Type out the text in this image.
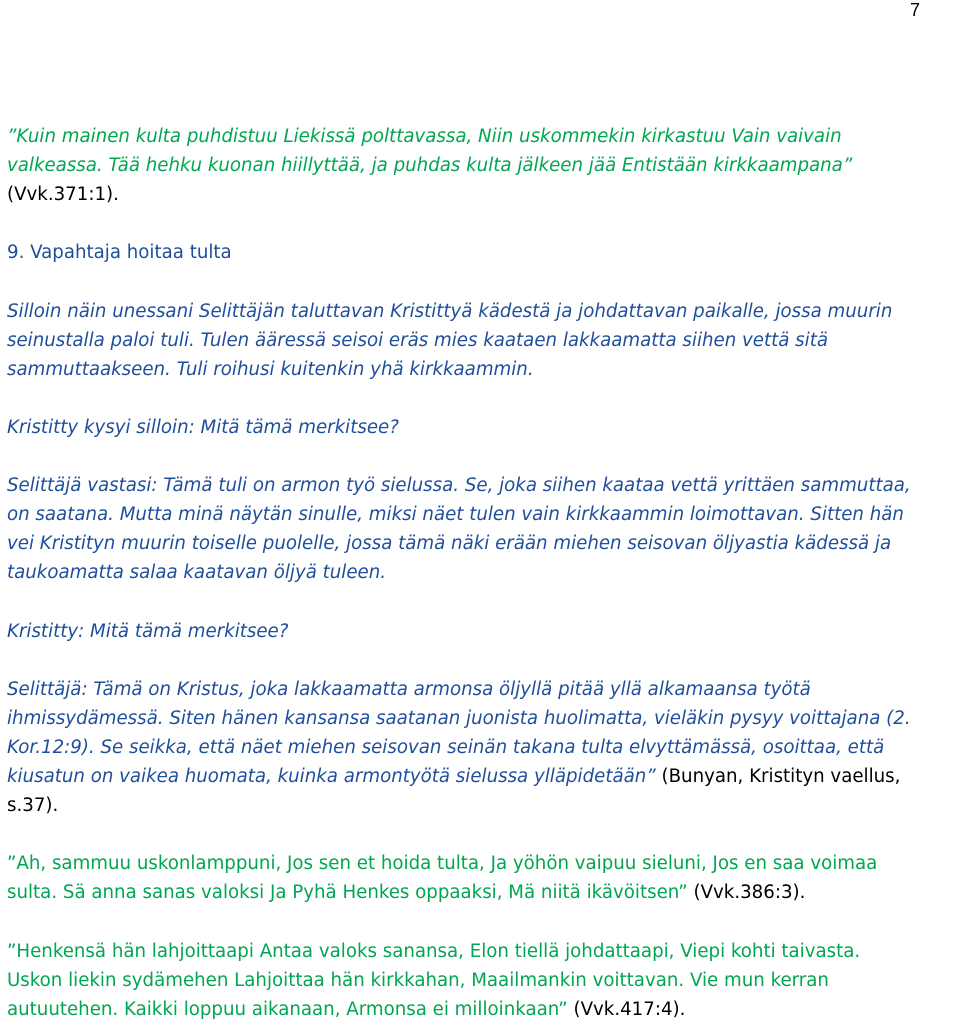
7

”Kuin mainen kulta puhdistuu Liekissä polttavassa, Niin uskommekin kirkastuu Vain vaivain

valkeassa. Tää hehku kuonan hiillyttää, ja puhdas kulta jälkeen jää Entistään kirkkaampana”

(Vvk.371:1).

9. Vapahtaja hoitaa tulta

Silloin näin unessani Selittäjän taluttavan Kristittyä kädestä ja johdattavan paikalle, jossa muurin

seinustalla paloi tuli. Tulen ääressä seisoi eräs mies kaataen lakkaamatta siihen vettä sitä

sammuttaakseen. Tuli roihusi kuitenkin yhä kirkkaammin.

Kristitty kysyi silloin: Mitä tämä merkitsee?

Selittäjä vastasi: Tämä tuli on armon työ sielussa. Se, joka siihen kaataa vettä yrittäen sammuttaa,

on saatana. Mutta minä näytän sinulle, miksi näet tulen vain kirkkaammin loimottavan. Sitten hän

vei Kristityn muurin toiselle puolelle, jossa tämä näki erään miehen seisovan öljyastia kädessä ja

taukoamatta salaa kaatavan öljyä tuleen.

Kristitty: Mitä tämä merkitsee?

Selittäjä: Tämä on Kristus, joka lakkaamatta armonsa öljyllä pitää yllä alkamaansa työtä

ihmissydämessä. Siten hänen kansansa saatanan juonista huolimatta, vieläkin pysyy voittajana (2.

Kor.12:9). Se seikka, että näet miehen seisovan seinän takana tulta elvyttämässä, osoittaa, että

kiusatun on vaikea huomata, kuinka armontyötä sielussa ylläpidetään” (Bunyan, Kristityn vaellus,

s.37).

”Ah, sammuu uskonlamppuni, Jos sen et hoida tulta, Ja yöhön vaipuu sieluni, Jos en saa voimaa

sulta. Sä anna sanas valoksi Ja Pyhä Henkes oppaaksi, Mä niitä ikävöitsen” (Vvk.386:3).

”Henkensä hän lahjoittaapi Antaa valoks sanansa, Elon tiellä johdattaapi, Viepi kohti taivasta.

Uskon liekin sydämehen Lahjoittaa hän kirkkahan, Maailmankin voittavan. Vie mun kerran

autuutehen. Kaikki loppuu aikanaan, Armonsa ei milloinkaan” (Vvk.417:4).
